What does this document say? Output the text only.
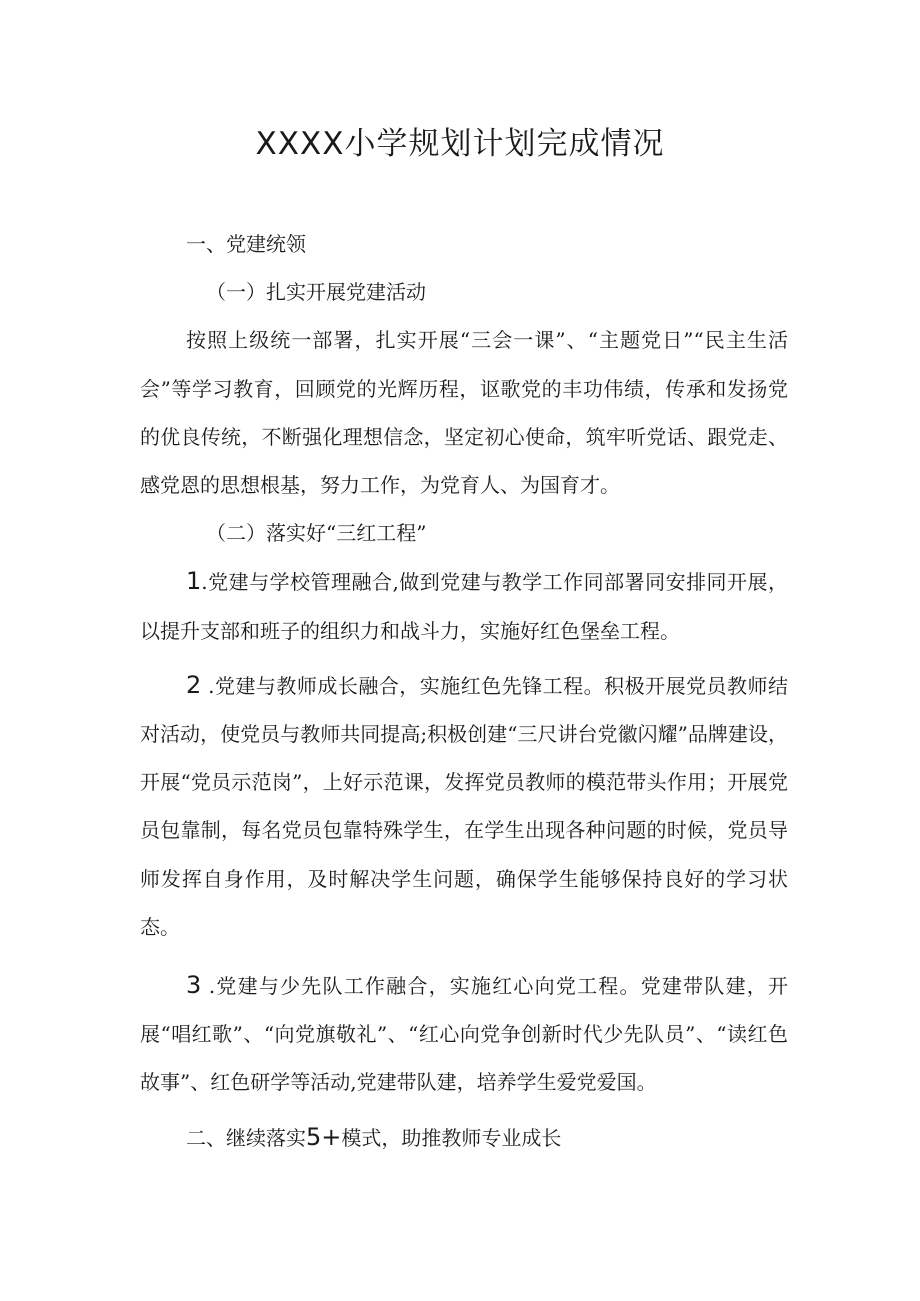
XXXX小学规划计划完成情况

一、党建统领

（一）扎实开展党建活动

按照上级统一部署，扎实开展“三会一课”、“主题党日”“民主生活会”等学习教育，回顾党的光辉历程，讴歌党的丰功伟绩，传承和发扬党的优良传统，不断强化理想信念，坚定初心使命，筑牢听党话、跟党走、感党恩的思想根基，努力工作，为党育人、为国育才。

（二）落实好“三红工程”

1.党建与学校管理融合,做到党建与教学工作同部署同安排同开展，以提升支部和班子的组织力和战斗力，实施好红色堡垒工程。

2 .党建与教师成长融合，实施红色先锋工程。积极开展党员教师结对活动，使党员与教师共同提高;积极创建“三尺讲台党徽闪耀”品牌建设，开展“党员示范岗”，上好示范课，发挥党员教师的模范带头作用；开展党员包靠制，每名党员包靠特殊学生，在学生出现各种问题的时候，党员导师发挥自身作用，及时解决学生问题，确保学生能够保持良好的学习状态。

3 .党建与少先队工作融合，实施红心向党工程。党建带队建，开展“唱红歌”、“向党旗敬礼”、“红心向党争创新时代少先队员”、“读红色故事”、红色研学等活动,党建带队建，培养学生爱党爱国。

二、继续落实5+模式，助推教师专业成长
